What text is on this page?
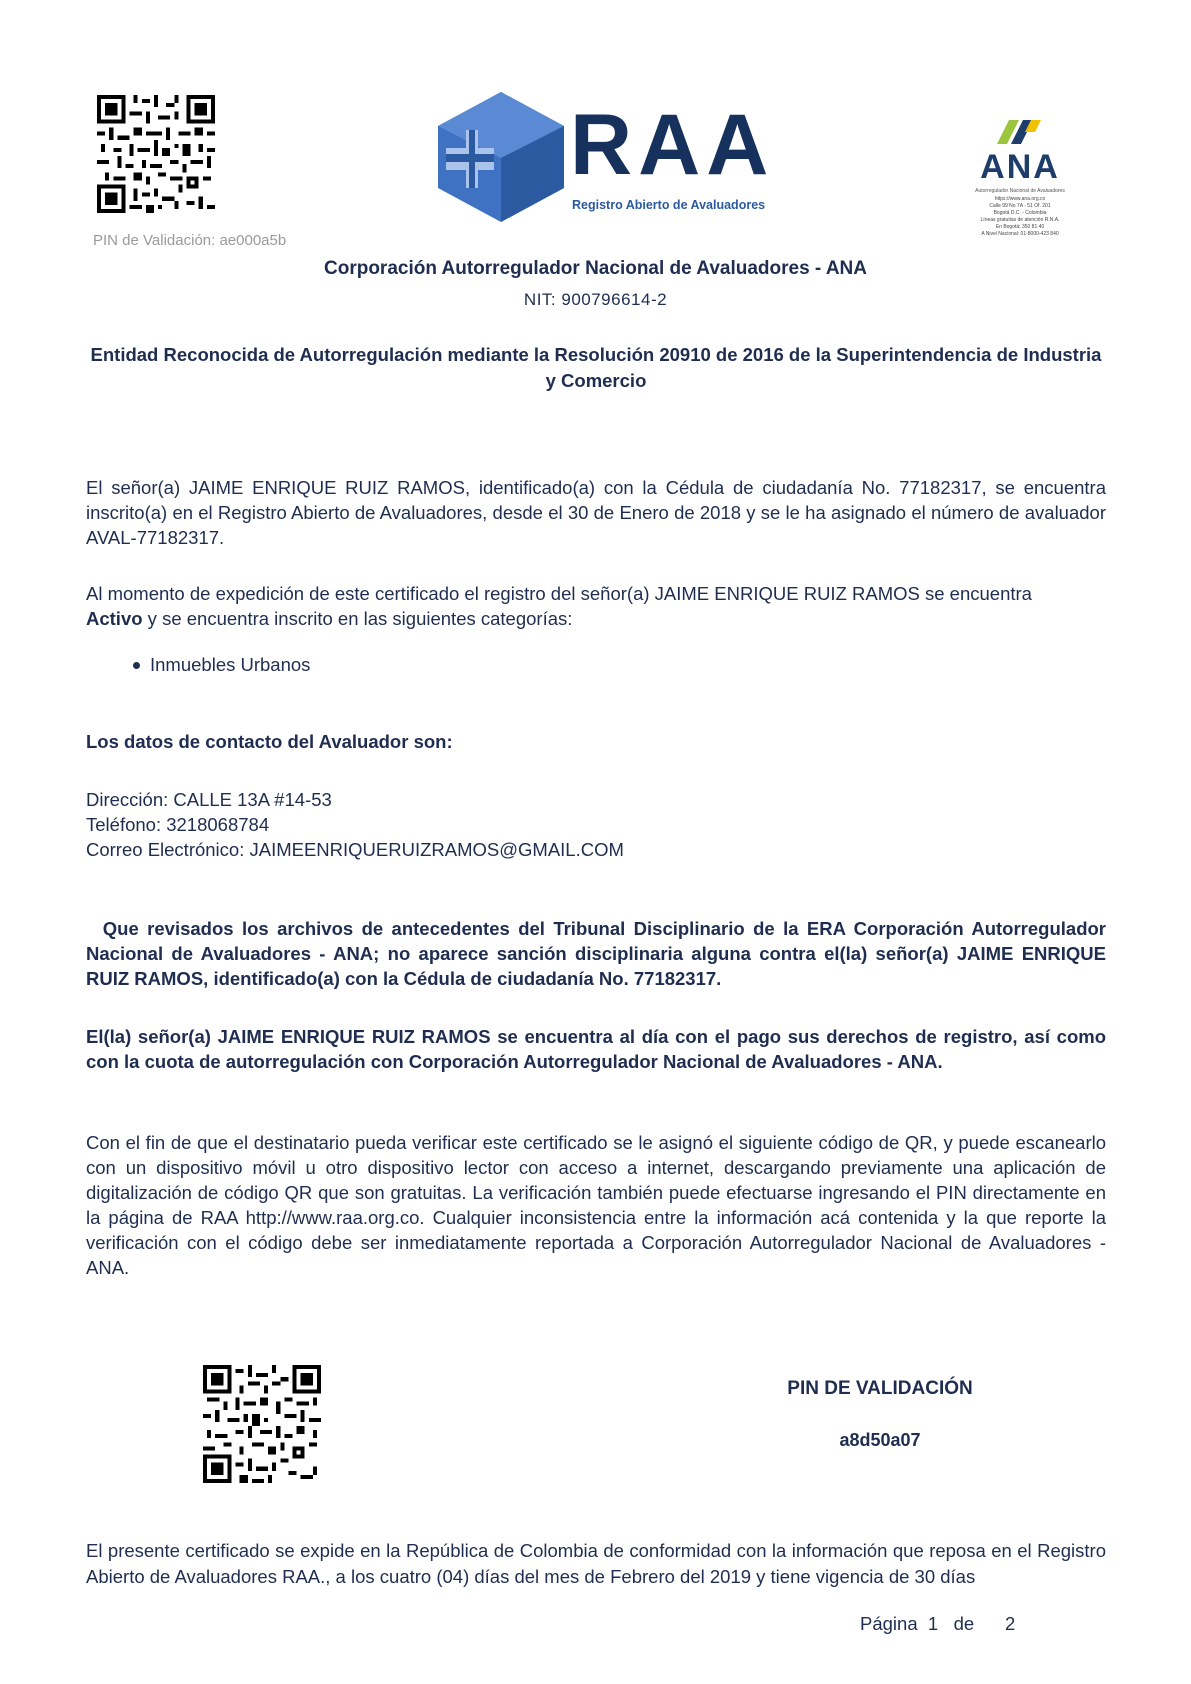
PIN de Validación: ae000a5b
RAA
Registro Abierto de Avaluadores
ANA
Autorregulador Nacional de Avaluadores
https://www.ana.org.co
Calle 99 No 7A - 51 Of. 201
Bogotá D.C. - Colombia
Líneas gratuitas de atención R.N.A.
En Bogotá: 350 81 40
A Nivel Nacional: 01-8000-423 840
Corporación Autorregulador Nacional de Avaluadores - ANA
NIT: 900796614-2
Entidad Reconocida de Autorregulación mediante la Resolución 20910 de 2016 de la Superintendencia de Industria y Comercio
El señor(a) JAIME ENRIQUE RUIZ RAMOS, identificado(a) con la Cédula de ciudadanía No. 77182317, se encuentra inscrito(a) en el Registro Abierto de Avaluadores, desde el 30 de Enero de 2018 y se le ha asignado el número de avaluador AVAL-77182317.
Al momento de expedición de este certificado el registro del señor(a) JAIME ENRIQUE RUIZ RAMOS se encuentra
Activo y se encuentra inscrito en las siguientes categorías:
Inmuebles Urbanos
Los datos de contacto del Avaluador son:
Dirección: CALLE 13A #14-53
Teléfono: 3218068784
Correo Electrónico: JAIMEENRIQUERUIZRAMOS@GMAIL.COM
Que revisados los archivos de antecedentes del Tribunal Disciplinario de la ERA Corporación Autorregulador Nacional de Avaluadores - ANA; no aparece sanción disciplinaria alguna contra el(la) señor(a) JAIME ENRIQUE RUIZ RAMOS, identificado(a) con la Cédula de ciudadanía No. 77182317.
El(la) señor(a) JAIME ENRIQUE RUIZ RAMOS se encuentra al día con el pago sus derechos de registro, así como con la cuota de autorregulación con Corporación Autorregulador Nacional de Avaluadores - ANA.
Con el fin de que el destinatario pueda verificar este certificado se le asignó el siguiente código de QR, y puede escanearlo con un dispositivo móvil u otro dispositivo lector con acceso a internet, descargando previamente una aplicación de digitalización de código QR que son gratuitas. La verificación también puede efectuarse ingresando el PIN directamente en la página de RAA http://www.raa.org.co. Cualquier inconsistencia entre la información acá contenida y la que reporte la verificación con el código debe ser inmediatamente reportada a Corporación Autorregulador Nacional de Avaluadores - ANA.
PIN DE VALIDACIÓN
a8d50a07
El presente certificado se expide en la República de Colombia de conformidad con la información que reposa en el Registro Abierto de Avaluadores RAA., a los cuatro (04) días del mes de Febrero del 2019 y tiene vigencia de 30 días
Página 1 de 2
